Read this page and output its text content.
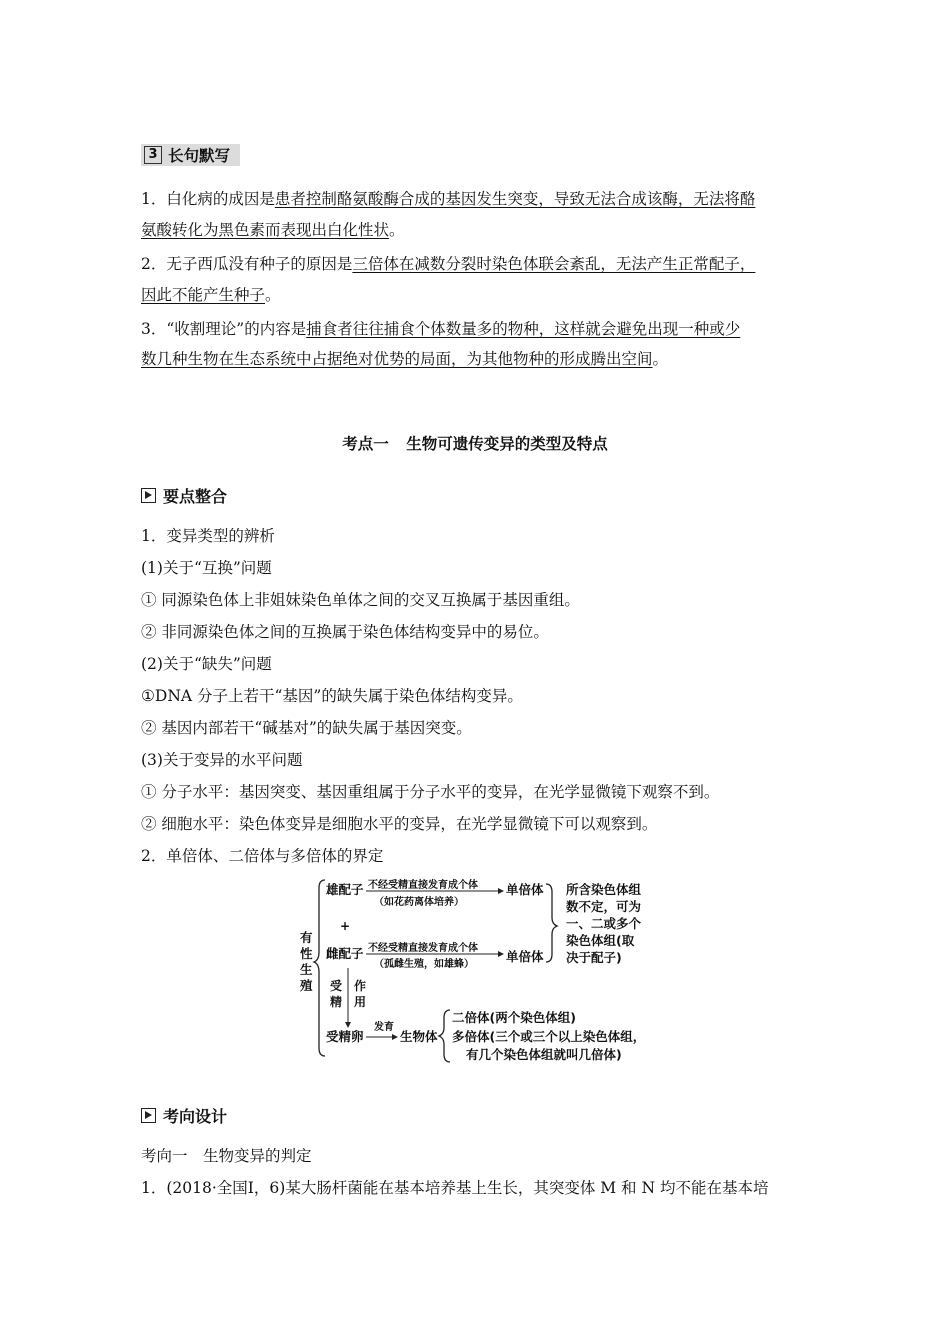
3 长句默写
1．白化病的成因是患者控制酪氨酸酶合成的基因发生突变，导致无法合成该酶，无法将酪
氨酸转化为黑色素而表现出白化性状。
2．无子西瓜没有种子的原因是三倍体在减数分裂时染色体联会紊乱，无法产生正常配子，
因此不能产生种子。
3．“收割理论”的内容是捕食者往往捕食个体数量多的物种，这样就会避免出现一种或少
数几种生物在生态系统中占据绝对优势的局面，为其他物种的形成腾出空间。
考点一 生物可遗传变异的类型及特点
要点整合
1．变异类型的辨析
(1)关于“互换”问题
① 同源染色体上非姐妹染色单体之间的交叉互换属于基因重组。
② 非同源染色体之间的互换属于染色体结构变异中的易位。
(2)关于“缺失”问题
①DNA 分子上若干“基因”的缺失属于染色体结构变异。
② 基因内部若干“碱基对”的缺失属于基因突变。
(3)关于变异的水平问题
① 分子水平：基因突变、基因重组属于分子水平的变异，在光学显微镜下观察不到。
② 细胞水平：染色体变异是细胞水平的变异，在光学显微镜下可以观察到。
2．单倍体、二倍体与多倍体的界定
有
性
生
殖
雄配子 不经受精直接发育成个体
（如花药离体培养）
单倍体
+
雌配子 不经受精直接发育成个体
（孤雌生殖，如雄蜂）
单倍体
所含染色体组
数不定，可为
一、二或多个
染色体组(取
决于配子)
受
精
作
用
受精卵
发育
生物体
二倍体(两个染色体组)
多倍体(三个或三个以上染色体组，
有几个染色体组就叫几倍体)
考向设计
考向一　生物变异的判定
1．(2018·全国Ⅰ，6)某大肠杆菌能在基本培养基上生长，其突变体 M 和 N 均不能在基本培
